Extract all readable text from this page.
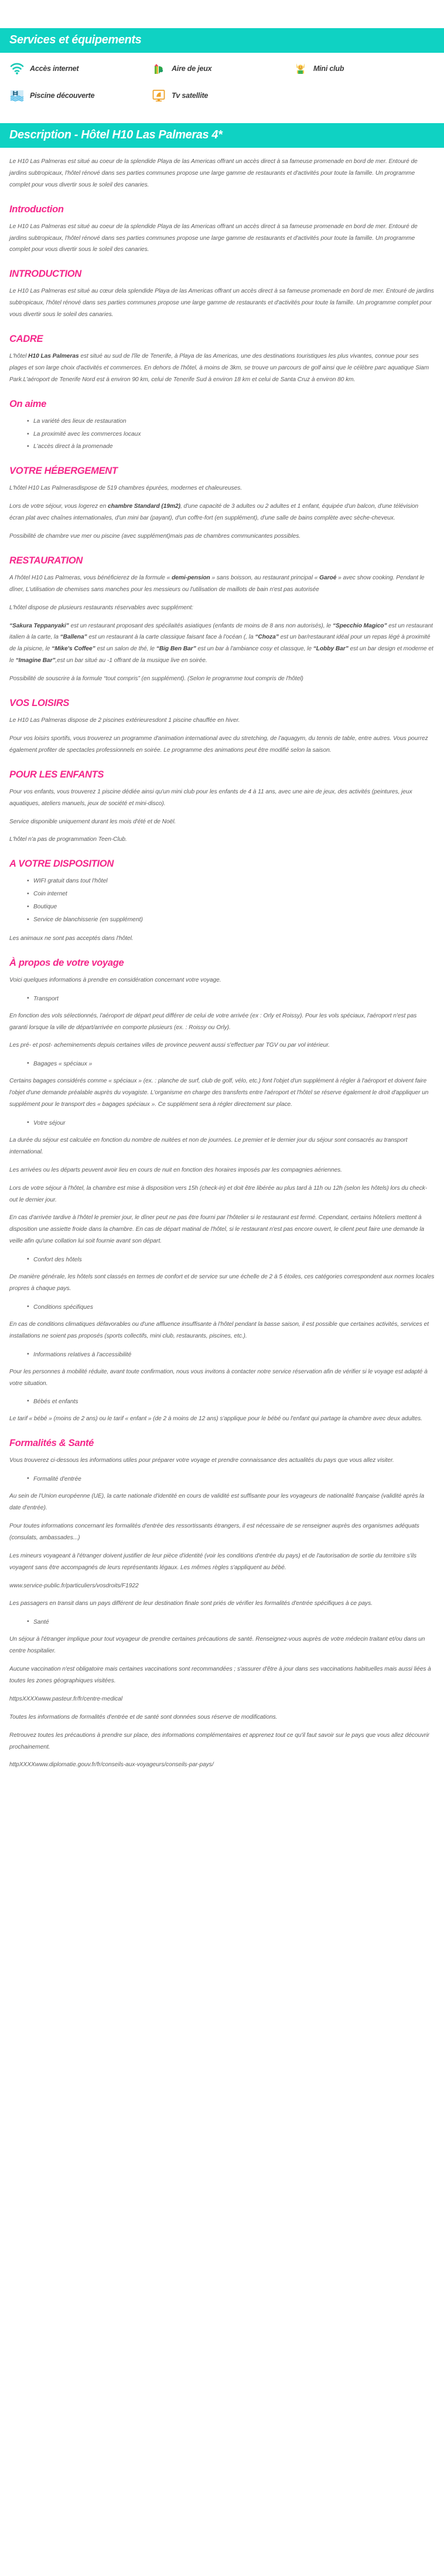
Services et équipements
Accès internet	Aire de jeux	Mini club
Piscine découverte	Tv satellite
Description - Hôtel H10 Las Palmeras 4*

Le H10 Las Palmeras est situé au coeur de la splendide Playa de las Americas offrant un accès direct à sa fameuse promenade en bord de mer. Entouré de jardins subtropicaux, l'hôtel rénové dans ses parties communes propose une large gamme de restaurants et d'activités pour toute la famille. Un programme complet pour vous divertir sous le soleil des canaries.

Introduction

Le H10 Las Palmeras est situé au coeur de la splendide Playa de las Americas offrant un accès direct à sa fameuse promenade en bord de mer. Entouré de jardins subtropicaux, l'hôtel rénové dans ses parties communes propose une large gamme de restaurants et d'activités pour toute la famille. Un programme complet pour vous divertir sous le soleil des canaries.

INTRODUCTION

Le H10 Las Palmeras est situé au cœur dela splendide Playa de las Americas offrant un accès direct à sa fameuse promenade en bord de mer. Entouré de jardins subtropicaux, l'hôtel rénové dans ses parties communes propose une large gamme de restaurants et d'activités pour toute la famille. Un programme complet pour vous divertir sous le soleil des canaries.

CADRE

L'hôtel H10 Las Palmeras est situé au sud de l'île de Tenerife, à Playa de las Americas, une des destinations touristiques les plus vivantes, connue pour ses plages et son large choix d'activités et commerces. En dehors de l'hôtel, à moins de 3km, se trouve un parcours de golf ainsi que le célèbre parc aquatique Siam Park.L'aéroport de Tenerife Nord est à environ 90 km, celui de Tenerife Sud à environ 18 km et celui de Santa Cruz à environ 80 km.

On aime
• La variété des lieux de restauration
• La proximité avec les commerces locaux
• L'accès direct à la promenade
VOTRE HÉBERGEMENT

L'hôtel H10 Las Palmerasdispose de 519 chambres épurées, modernes et chaleureuses.

Lors de votre séjour, vous logerez en chambre Standard (19m2), d'une capacité de 3 adultes ou 2 adultes et 1 enfant, équipée d'un balcon, d'une télévision écran plat avec chaînes internationales, d'un mini bar (payant), d'un coffre-fort (en supplément), d'une salle de bains complète avec sèche-cheveux.

Possibilité de chambre vue mer ou piscine (avec supplément)mais pas de chambres communicantes possibles.

RESTAURATION

A l'hôtel H10 Las Palmeras, vous bénéficierez de la formule « demi-pension » sans boisson, au restaurant principal « Garoé » avec show cooking. Pendant le dîner, L'utilisation de chemises sans manches pour les messieurs ou l'utilisation de maillots de bain n'est pas autorisée

L'hôtel dispose de plusieurs restaurants réservables avec supplément:

“Sakura Teppanyaki” est un restaurant proposant des spécilaités asiatiques (enfants de moins de 8 ans non autorisés), le “Specchio Magico” est un restaurant italien à la carte, la “Ballena” est un restaurant à la carte classique faisant face à l'océan (, la “Choza” est un bar/restaurant idéal pour un repas légé à proximité de la pisicne, le “Mike's Coffee” est un salon de thé, le “Big Ben Bar” est un bar à l'ambiance cosy et classque, le “Lobby Bar” est un bar design et moderne et le “Imagine Bar”,est un bar situé au -1 offrant de la musique live en soirée.

Possibilité de souscrire à la formule “tout compris” (en supplément). (Selon le programme tout compris de l'hôtel)

VOS LOISIRS

Le H10 Las Palmeras dispose de 2 piscines extérieuresdont 1 piscine chauffée en hiver.

Pour vos loisirs sportifs, vous trouverez un programme d'animation international avec du stretching, de l'aquagym, du tennis de table, entre autres. Vous pourrez également profiter de spectacles professionnels en soirée. Le programme des animations peut être modifié selon la saison.

POUR LES ENFANTS

Pour vos enfants, vous trouverez 1 piscine dédiée ainsi qu'un mini club pour les enfants de 4 à 11 ans, avec une aire de jeux, des activités (peintures, jeux aquatiques, ateliers manuels, jeux de société et mini-disco).

Service disponible uniquement durant les mois d'été et de Noël.

L'hôtel n'a pas de programmation Teen-Club.

A VOTRE DISPOSITION
• WIFI gratuit dans tout l'hôtel
• Coin internet
• Boutique
• Service de blanchisserie (en supplément)

Les animaux ne sont pas acceptés dans l'hôtel.

À propos de votre voyage

Voici quelques informations à prendre en considération concernant votre voyage.

• Transport

En fonction des vols sélectionnés, l'aéroport de départ peut différer de celui de votre arrivée (ex : Orly et Roissy). Pour les vols spéciaux, l'aéroport n'est pas garanti lorsque la ville de départ/arrivée en comporte plusieurs (ex. : Roissy ou Orly).

Les pré- et post- acheminements depuis certaines villes de province peuvent aussi s'effectuer par TGV ou par vol intérieur.

• Bagages « spéciaux »

Certains bagages considérés comme « spéciaux » (ex. : planche de surf, club de golf, vélo, etc.) font l'objet d'un supplément à régler à l'aéroport et doivent faire l'objet d'une demande préalable auprès du voyagiste. L'organisme en charge des transferts entre l'aéroport et l'hôtel se réserve également le droit d'appliquer un supplément pour le transport des « bagages spéciaux ». Ce supplément sera à régler directement sur place.

• Votre séjour

La durée du séjour est calculée en fonction du nombre de nuitées et non de journées. Le premier et le dernier jour du séjour sont consacrés au transport international.

Les arrivées ou les départs peuvent avoir lieu en cours de nuit en fonction des horaires imposés par les compagnies aériennes.

Lors de votre séjour à l'hôtel, la chambre est mise à disposition vers 15h (check-in) et doit être libérée au plus tard à 11h ou 12h (selon les hôtels) lors du check-out le dernier jour.

En cas d'arrivée tardive à l'hôtel le premier jour, le dîner peut ne pas être fourni par l'hôtelier si le restaurant est fermé. Cependant, certains hôteliers mettent à disposition une assiette froide dans la chambre. En cas de départ matinal de l'hôtel, si le restaurant n'est pas encore ouvert, le client peut faire une demande la veille afin qu'une collation lui soit fournie avant son départ.

• Confort des hôtels

De manière générale, les hôtels sont classés en termes de confort et de service sur une échelle de 2 à 5 étoiles, ces catégories correspondent aux normes locales propres à chaque pays.

• Conditions spécifiques

En cas de conditions climatiques défavorables ou d'une affluence insuffisante à l'hôtel pendant la basse saison, il est possible que certaines activités, services et installations ne soient pas proposés (sports collectifs, mini club, restaurants, piscines, etc.).

• Informations relatives à l'accessibilité

Pour les personnes à mobilité réduite, avant toute confirmation, nous vous invitons à contacter notre service réservation afin de vérifier si le voyage est adapté à votre situation.

• Bébés et enfants

Le tarif « bébé » (moins de 2 ans) ou le tarif « enfant » (de 2 à moins de 12 ans) s'applique pour le bébé ou l'enfant qui partage la chambre avec deux adultes.

Formalités & Santé

Vous trouverez ci-dessous les informations utiles pour préparer votre voyage et prendre connaissance des actualités du pays que vous allez visiter.

• Formalité d'entrée

Au sein de l'Union européenne (UE), la carte nationale d'identité en cours de validité est suffisante pour les voyageurs de nationalité française (validité après la date d'entrée).

Pour toutes informations concernant les formalités d'entrée des ressortissants étrangers, il est nécessaire de se renseigner auprès des organismes adéquats (consulats, ambassades...)

Les mineurs voyageant à l'étranger doivent justifier de leur pièce d'identité (voir les conditions d'entrée du pays) et de l'autorisation de sortie du territoire s'ils voyagent sans être accompagnés de leurs représentants légaux. Les mêmes règles s'appliquent au bébé.

www.service-public.fr/particuliers/vosdroits/F1922

Les passagers en transit dans un pays différent de leur destination finale sont priés de vérifier les formalités d'entrée spécifiques à ce pays.

• Santé

Un séjour à l'étranger implique pour tout voyageur de prendre certaines précautions de santé. Renseignez-vous auprès de votre médecin traitant et/ou dans un centre hospitalier.

Aucune vaccination n'est obligatoire mais certaines vaccinations sont recommandées ; s'assurer d'être à jour dans ses vaccinations habituelles mais aussi liées à toutes les zones géographiques visitées.

httpsXXXXwww.pasteur.fr/fr/centre-medical

Toutes les informations de formalités d'entrée et de santé sont données sous réserve de modifications.

Retrouvez toutes les précautions à prendre sur place, des informations complémentaires et apprenez tout ce qu'il faut savoir sur le pays que vous allez découvrir prochainement.

httpXXXXwww.diplomatie.gouv.fr/fr/conseils-aux-voyageurs/conseils-par-pays/
